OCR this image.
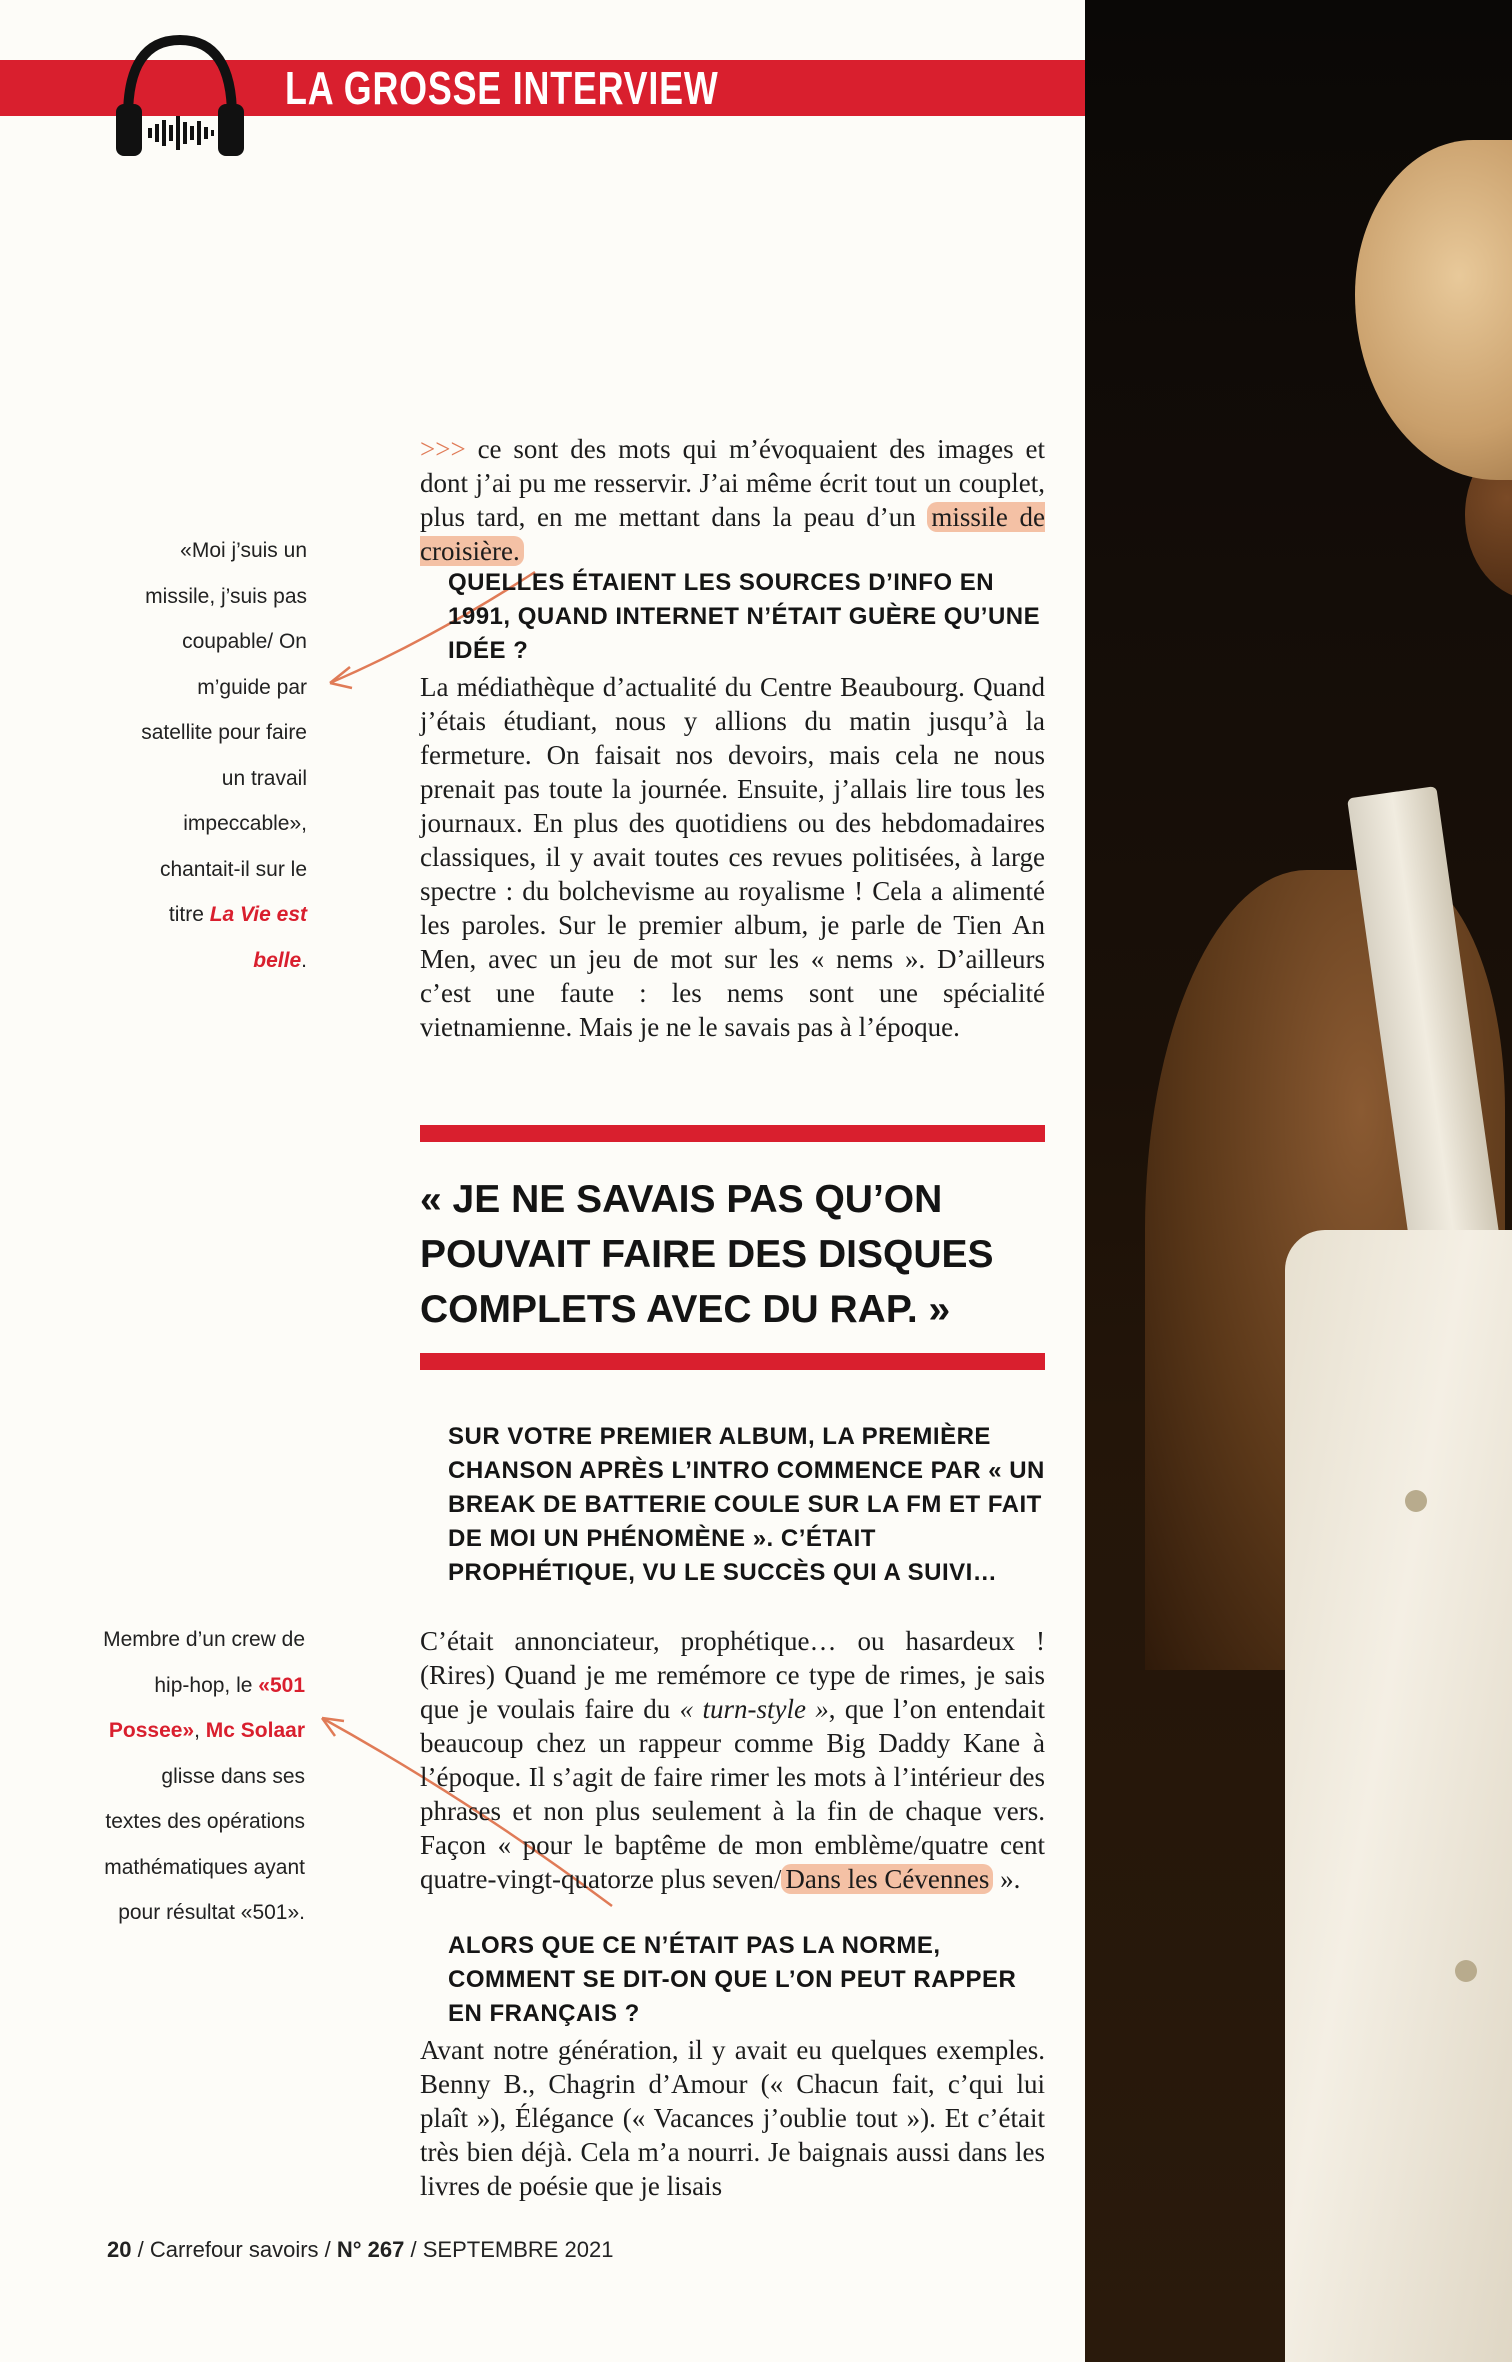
LA GROSSE INTERVIEW
«Moi j’suis un missile, j’suis pas coupable/ On m’guide par satellite pour faire un travail impeccable», chantait-il sur le titre La Vie est belle.
Membre d’un crew de hip-hop, le «501 Possee», Mc Solaar glisse dans ses textes des opérations mathématiques ayant pour résultat «501».
>>> ce sont des mots qui m’évoquaient des images et dont j’ai pu me resservir. J’ai même écrit tout un couplet, plus tard, en me mettant dans la peau d’un missile de croisière.
QUELLES ÉTAIENT LES SOURCES D’INFO EN 1991, QUAND INTERNET N’ÉTAIT GUÈRE QU’UNE IDÉE ?
La médiathèque d’actualité du Centre Beaubourg. Quand j’étais étudiant, nous y allions du matin jusqu’à la fermeture. On faisait nos devoirs, mais cela ne nous prenait pas toute la journée. Ensuite, j’allais lire tous les journaux. En plus des quotidiens ou des hebdomadaires classiques, il y avait toutes ces revues politisées, à large spectre : du bolchevisme au royalisme ! Cela a alimenté les paroles. Sur le premier album, je parle de Tien An Men, avec un jeu de mot sur les « nems ». D’ailleurs c’est une faute : les nems sont une spécialité vietnamienne. Mais je ne le savais pas à l’époque.
« JE NE SAVAIS PAS QU’ON POUVAIT FAIRE DES DISQUES COMPLETS AVEC DU RAP. »
SUR VOTRE PREMIER ALBUM, LA PREMIÈRE CHANSON APRÈS L’INTRO COMMENCE PAR « UN BREAK DE BATTERIE COULE SUR LA FM ET FAIT DE MOI UN PHÉNOMÈNE ». C’ÉTAIT PROPHÉTIQUE, VU LE SUCCÈS QUI A SUIVI…
C’était annonciateur, prophétique… ou hasardeux ! (Rires) Quand je me remémore ce type de rimes, je sais que je voulais faire du « turn-style », que l’on entendait beaucoup chez un rappeur comme Big Daddy Kane à l’époque. Il s’agit de faire rimer les mots à l’intérieur des phrases et non plus seulement à la fin de chaque vers. Façon « pour le baptême de mon emblème/quatre cent quatre-vingt-quatorze plus seven/ Dans les Cévennes ».
ALORS QUE CE N’ÉTAIT PAS LA NORME, COMMENT SE DIT-ON QUE L’ON PEUT RAPPER EN FRANÇAIS ?
Avant notre génération, il y avait eu quelques exemples. Benny B., Chagrin d’Amour (« Chacun fait, c’qui lui plaît »), Élégance (« Vacances j’oublie tout »). Et c’était très bien déjà. Cela m’a nourri. Je baignais aussi dans les livres de poésie que je lisais
20 / Carrefour savoirs / N° 267 / SEPTEMBRE 2021
